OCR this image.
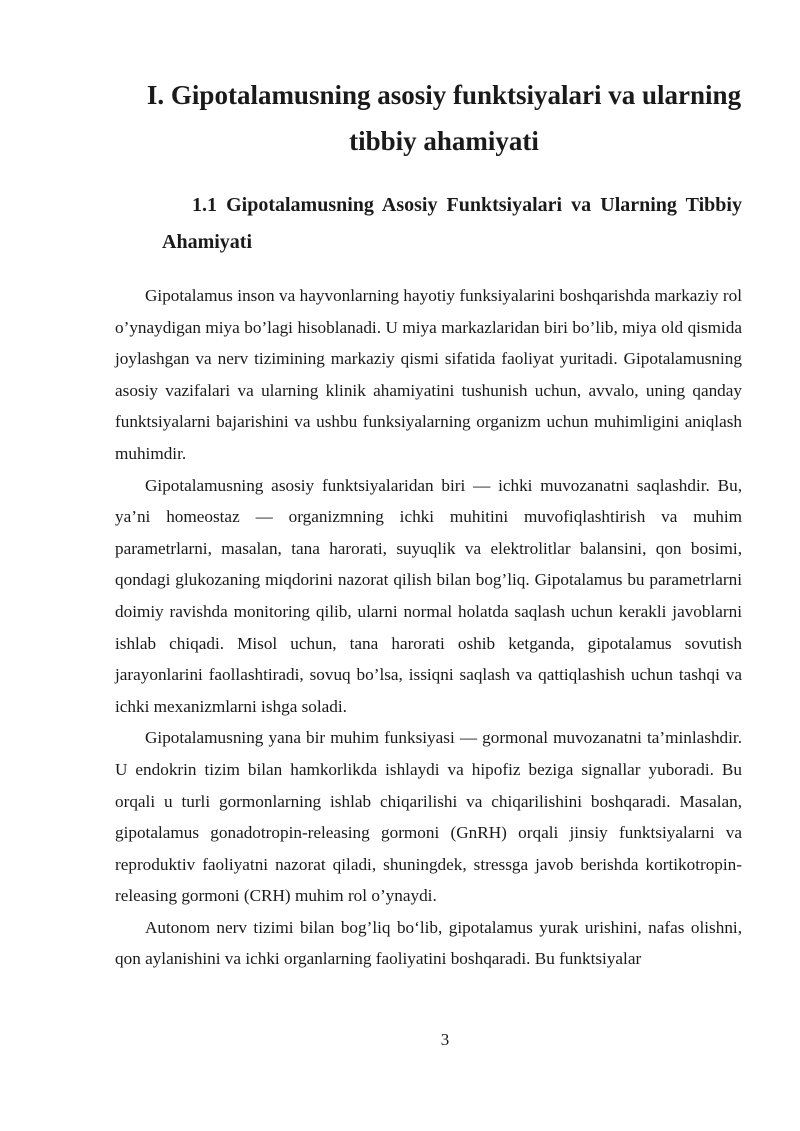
I. Gipotalamusning asosiy funktsiyalari va ularning tibbiy ahamiyati
1.1 Gipotalamusning Asosiy Funktsiyalari va Ularning Tibbiy Ahamiyati

Gipotalamus inson va hayvonlarning hayotiy funksiyalarini boshqarishda markaziy rol o’ynaydigan miya bo’lagi hisoblanadi. U miya markazlaridan biri bo’lib, miya old qismida joylashgan va nerv tizimining markaziy qismi sifatida faoliyat yuritadi. Gipotalamusning asosiy vazifalari va ularning klinik ahamiyatini tushunish uchun, avvalo, uning qanday funktsiyalarni bajarishini va ushbu funksiyalarning organizm uchun muhimligini aniqlash muhimdir.

Gipotalamusning asosiy funktsiyalaridan biri — ichki muvozanatni saqlashdir. Bu, ya’ni homeostaz — organizmning ichki muhitini muvofiqlashtirish va muhim parametrlarni, masalan, tana harorati, suyuqlik va elektrolitlar balansini, qon bosimi, qondagi glukozaning miqdorini nazorat qilish bilan bog’liq. Gipotalamus bu parametrlarni doimiy ravishda monitoring qilib, ularni normal holatda saqlash uchun kerakli javoblarni ishlab chiqadi. Misol uchun, tana harorati oshib ketganda, gipotalamus sovutish jarayonlarini faollashtiradi, sovuq bo’lsa, issiqni saqlash va qattiqlashish uchun tashqi va ichki mexanizmlarni ishga soladi.

Gipotalamusning yana bir muhim funksiyasi — gormonal muvozanatni ta’minlashdir. U endokrin tizim bilan hamkorlikda ishlaydi va hipofiz beziga signallar yuboradi. Bu orqali u turli gormonlarning ishlab chiqarilishi va chiqarilishini boshqaradi. Masalan, gipotalamus gonadotropin-releasing gormoni (GnRH) orqali jinsiy funktsiyalarni va reproduktiv faoliyatni nazorat qiladi, shuningdek, stressga javob berishda kortikotropin-releasing gormoni (CRH) muhim rol o’ynaydi.

Autonom nerv tizimi bilan bog’liq bo‘lib, gipotalamus yurak urishini, nafas olishni, qon aylanishini va ichki organlarning faoliyatini boshqaradi. Bu funktsiyalar

3
